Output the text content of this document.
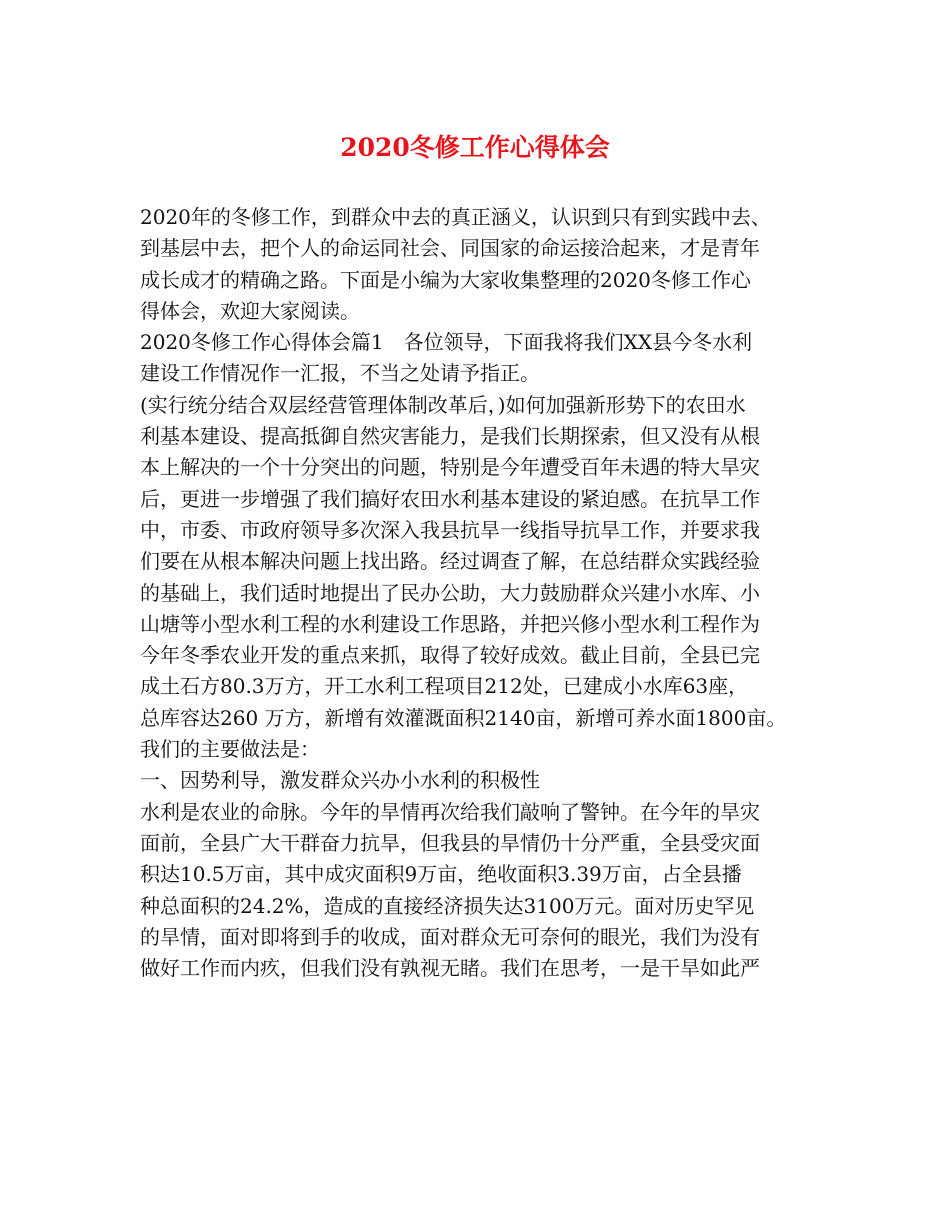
2020冬修工作心得体会
2020年的冬修工作，到群众中去的真正涵义，认识到只有到实践中去、
到基层中去，把个人的命运同社会、同国家的命运接洽起来，才是青年
成长成才的精确之路。下面是小编为大家收集整理的2020冬修工作心
得体会，欢迎大家阅读。
2020冬修工作心得体会篇1　各位领导，下面我将我们XX县今冬水利
建设工作情况作一汇报，不当之处请予指正。
(实行统分结合双层经营管理体制改革后，)如何加强新形势下的农田水
利基本建设、提高抵御自然灾害能力，是我们长期探索，但又没有从根
本上解决的一个十分突出的问题，特别是今年遭受百年未遇的特大旱灾
后，更进一步增强了我们搞好农田水利基本建设的紧迫感。在抗旱工作
中，市委、市政府领导多次深入我县抗旱一线指导抗旱工作，并要求我
们要在从根本解决问题上找出路。经过调查了解，在总结群众实践经验
的基础上，我们适时地提出了民办公助，大力鼓励群众兴建小水库、小
山塘等小型水利工程的水利建设工作思路，并把兴修小型水利工程作为
今年冬季农业开发的重点来抓，取得了较好成效。截止目前，全县已完
成土石方80.3万方，开工水利工程项目212处，已建成小水库63座，
总库容达260 万方，新增有效灌溉面积2140亩，新增可养水面1800亩。
我们的主要做法是：
一、因势利导，激发群众兴办小水利的积极性
水利是农业的命脉。今年的旱情再次给我们敲响了警钟。在今年的旱灾
面前，全县广大干群奋力抗旱，但我县的旱情仍十分严重，全县受灾面
积达10.5万亩，其中成灾面积9万亩，绝收面积3.39万亩，占全县播
种总面积的24.2%，造成的直接经济损失达3100万元。面对历史罕见
的旱情，面对即将到手的收成，面对群众无可奈何的眼光，我们为没有
做好工作而内疚，但我们没有孰视无睹。我们在思考，一是干旱如此严
